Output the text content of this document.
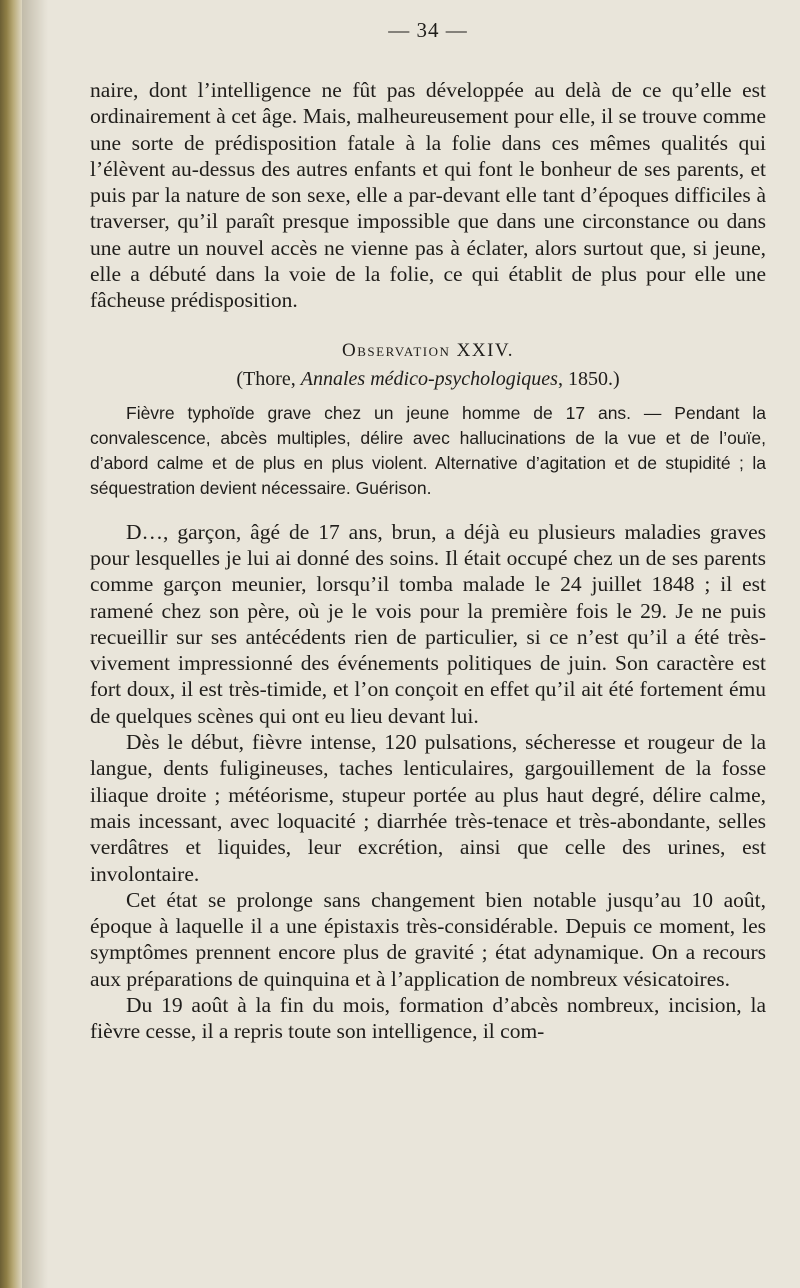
— 34 —

naire, dont l’intelligence ne fût pas développée au delà de ce qu’elle est ordinairement à cet âge. Mais, malheureusement pour elle, il se trouve comme une sorte de prédisposition fatale à la folie dans ces mêmes qualités qui l’élèvent au-dessus des autres enfants et qui font le bonheur de ses parents, et puis par la nature de son sexe, elle a par-devant elle tant d’époques difficiles à traverser, qu’il paraît presque impossible que dans une circonstance ou dans une autre un nouvel accès ne vienne pas à éclater, alors surtout que, si jeune, elle a débuté dans la voie de la folie, ce qui établit de plus pour elle une fâcheuse prédisposition.

Observation XXIV.
(Thore, Annales médico-psychologiques, 1850.)

Fièvre typhoïde grave chez un jeune homme de 17 ans. — Pendant la convalescence, abcès multiples, délire avec hallucinations de la vue et de l’ouïe, d’abord calme et de plus en plus violent. Alternative d’agitation et de stupidité ; la séquestration devient nécessaire. Guérison.

D…, garçon, âgé de 17 ans, brun, a déjà eu plusieurs maladies graves pour lesquelles je lui ai donné des soins. Il était occupé chez un de ses parents comme garçon meunier, lorsqu’il tomba malade le 24 juillet 1848 ; il est ramené chez son père, où je le vois pour la première fois le 29. Je ne puis recueillir sur ses antécédents rien de particulier, si ce n’est qu’il a été très-vivement impressionné des événements politiques de juin. Son caractère est fort doux, il est très-timide, et l’on conçoit en effet qu’il ait été fortement ému de quelques scènes qui ont eu lieu devant lui.

Dès le début, fièvre intense, 120 pulsations, sécheresse et rougeur de la langue, dents fuligineuses, taches lenticulaires, gargouillement de la fosse iliaque droite ; météorisme, stupeur portée au plus haut degré, délire calme, mais incessant, avec loquacité ; diarrhée très-tenace et très-abondante, selles verdâtres et liquides, leur excrétion, ainsi que celle des urines, est involontaire.

Cet état se prolonge sans changement bien notable jusqu’au 10 août, époque à laquelle il a une épistaxis très-considérable. Depuis ce moment, les symptômes prennent encore plus de gravité ; état adynamique. On a recours aux préparations de quinquina et à l’application de nombreux vésicatoires.

Du 19 août à la fin du mois, formation d’abcès nombreux, incision, la fièvre cesse, il a repris toute son intelligence, il com-
